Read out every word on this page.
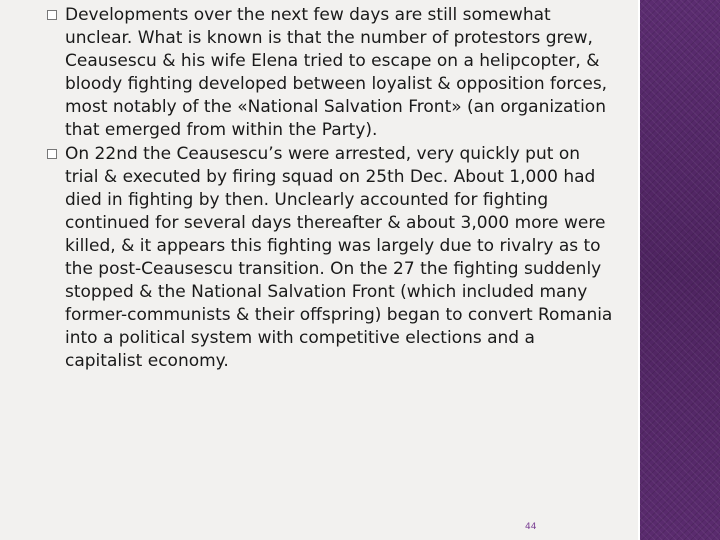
Developments over the next few days are still somewhat unclear. What is known is that the number of protestors grew, Ceausescu & his wife Elena tried to escape on a helipcopter, & bloody fighting developed between loyalist & opposition forces, most notably of the «National Salvation Front» (an organization that emerged from within the Party).

On 22nd the Ceausescu’s were arrested, very quickly put on trial & executed by firing squad on 25th Dec. About 1,000 had died in fighting by then. Unclearly accounted for fighting continued for several days thereafter & about 3,000 more were killed, & it appears this fighting was largely due to rivalry as to the post-Ceausescu transition. On the 27 the fighting suddenly stopped & the National Salvation Front (which included many former-communists & their offspring) began to convert Romania into a political system with competitive elections and a capitalist economy.

44
